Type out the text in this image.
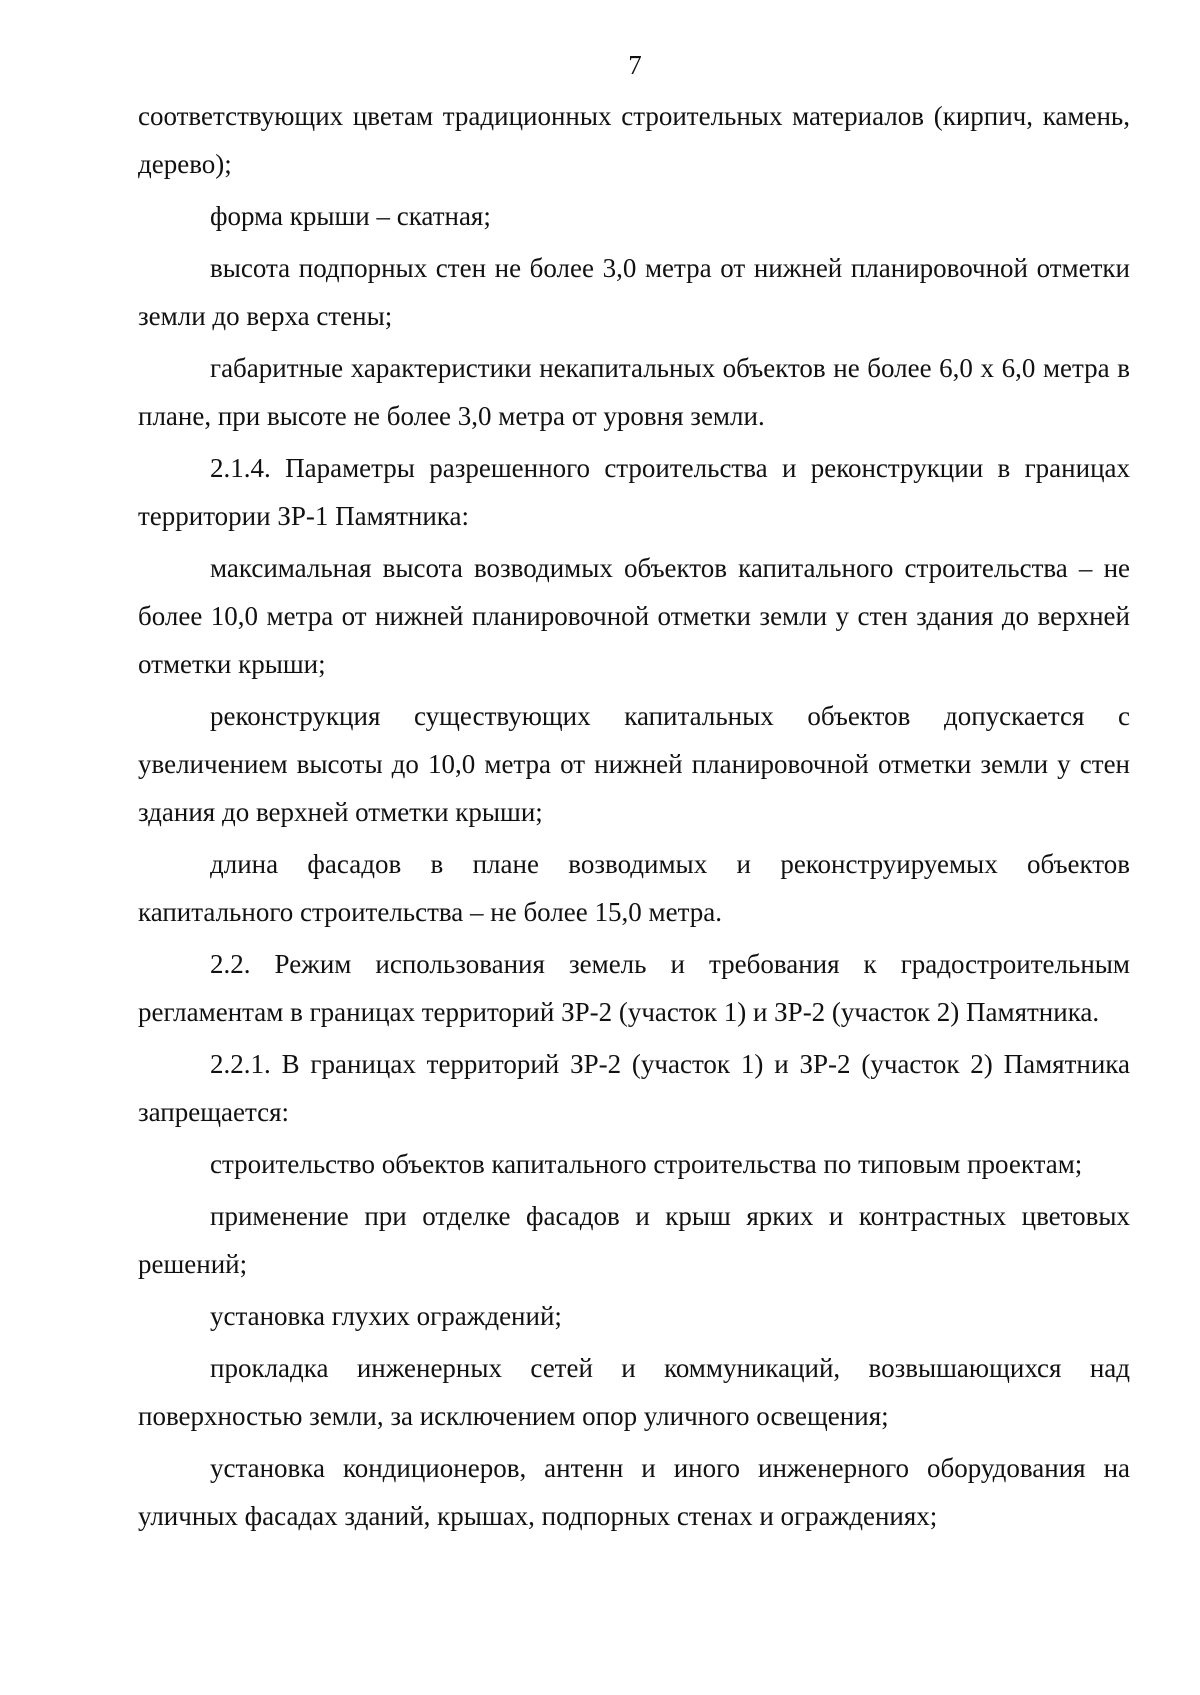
7

соответствующих цветам традиционных строительных материалов (кирпич, камень, дерево);

форма крыши – скатная;

высота подпорных стен не более 3,0 метра от нижней планировочной отметки земли до верха стены;

габаритные характеристики некапитальных объектов не более 6,0 х 6,0 метра в плане, при высоте не более 3,0 метра от уровня земли.

2.1.4. Параметры разрешенного строительства и реконструкции в границах территории ЗР-1 Памятника:

максимальная высота возводимых объектов капитального строительства – не более 10,0 метра от нижней планировочной отметки земли у стен здания до верхней отметки крыши;

реконструкция существующих капитальных объектов допускается с увеличением высоты до 10,0 метра от нижней планировочной отметки земли у стен здания до верхней отметки крыши;

длина фасадов в плане возводимых и реконструируемых объектов капитального строительства – не более 15,0 метра.

2.2. Режим использования земель и требования к градостроительным регламентам в границах территорий ЗР-2 (участок 1) и ЗР-2 (участок 2) Памятника.

2.2.1. В границах территорий ЗР-2 (участок 1) и ЗР-2 (участок 2) Памятника запрещается:

строительство объектов капитального строительства по типовым проектам;

применение при отделке фасадов и крыш ярких и контрастных цветовых решений;

установка глухих ограждений;

прокладка инженерных сетей и коммуникаций, возвышающихся над поверхностью земли, за исключением опор уличного освещения;

установка кондиционеров, антенн и иного инженерного оборудования на уличных фасадах зданий, крышах, подпорных стенах и ограждениях;
